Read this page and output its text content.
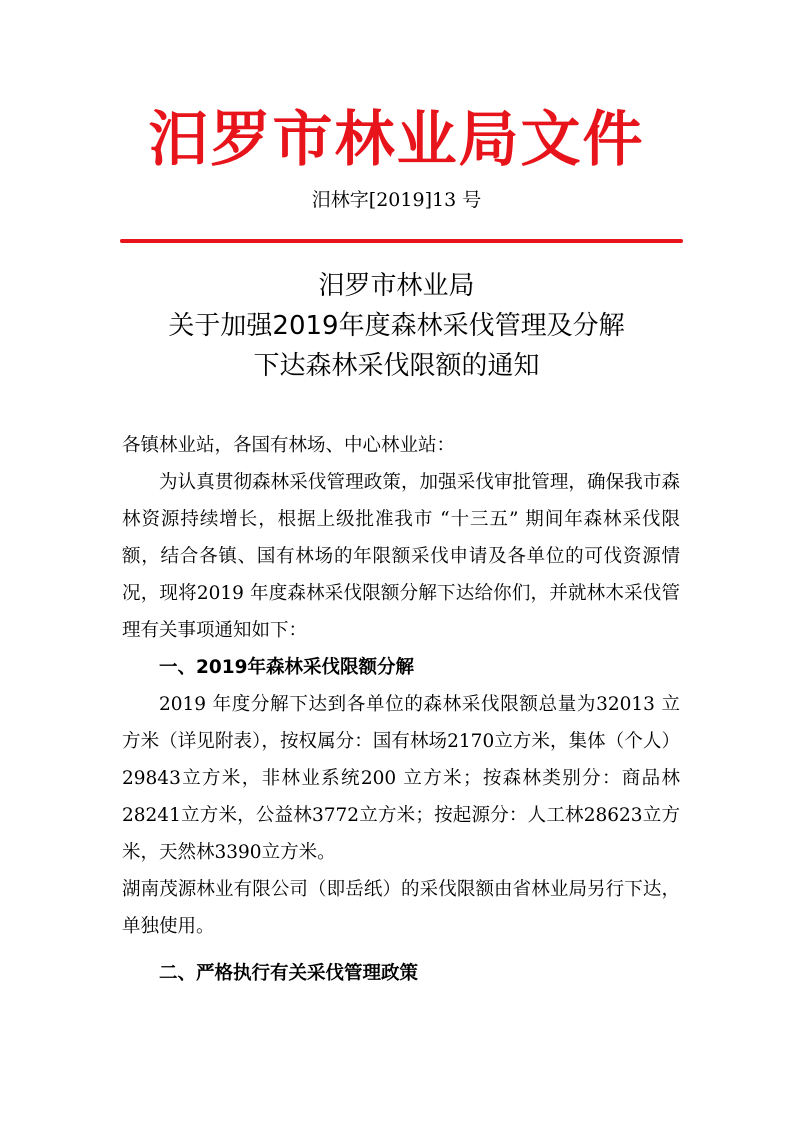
汨罗市林业局文件
汨林字[2019]13 号
汨罗市林业局
关于加强2019年度森林采伐管理及分解
下达森林采伐限额的通知

各镇林业站，各国有林场、中心林业站：

为认真贯彻森林采伐管理政策，加强采伐审批管理，确保我市森林资源持续增长，根据上级批准我市 “十三五” 期间年森林采伐限额，结合各镇、国有林场的年限额采伐申请及各单位的可伐资源情况，现将2019 年度森林采伐限额分解下达给你们，并就林木采伐管理有关事项通知如下：

一、2019年森林采伐限额分解

2019 年度分解下达到各单位的森林采伐限额总量为32013 立方米（详见附表），按权属分：国有林场2170立方米，集体（个人） 29843立方米，非林业系统200 立方米；按森林类别分：商品林28241立方米，公益林3772立方米；按起源分：人工林28623立方米，天然林3390立方米。

湖南茂源林业有限公司（即岳纸）的采伐限额由省林业局另行下达，单独使用。

二、严格执行有关采伐管理政策
